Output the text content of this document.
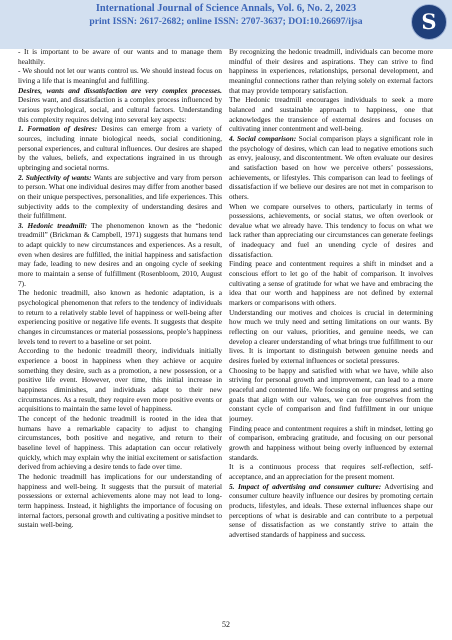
International Journal of Science Annals, Vol. 6, No. 2, 2023
print ISSN: 2617-2682; online ISSN: 2707-3637; DOI:10.26697/ijsa	S

- It is important to be aware of our wants and to manage them healthily.

- We should not let our wants control us. We should instead focus on living a life that is meaningful and fulfilling.

Desires, wants and dissatisfaction are very complex processes. Desires want, and dissatisfaction is a complex process influenced by various psychological, social, and cultural factors. Understanding this complexity requires delving into several key aspects:

1. Formation of desires: Desires can emerge from a variety of sources, including innate biological needs, social conditioning, personal experiences, and cultural influences. Our desires are shaped by the values, beliefs, and expectations ingrained in us through upbringing and societal norms.

2. Subjectivity of wants: Wants are subjective and vary from person to person. What one individual desires may differ from another based on their unique perspectives, personalities, and life experiences. This subjectivity adds to the complexity of understanding desires and their fulfillment.

3. Hedonic treadmill: The phenomenon known as the “hedonic treadmill” (Brickman & Campbell, 1971) suggests that humans tend to adapt quickly to new circumstances and experiences. As a result, even when desires are fulfilled, the initial happiness and satisfaction may fade, leading to new desires and an ongoing cycle of seeking more to maintain a sense of fulfillment (Rosenbloom, 2010, August 7).

The hedonic treadmill, also known as hedonic adaptation, is a psychological phenomenon that refers to the tendency of individuals to return to a relatively stable level of happiness or well-being after experiencing positive or negative life events. It suggests that despite changes in circumstances or material possessions, people’s happiness levels tend to revert to a baseline or set point.

According to the hedonic treadmill theory, individuals initially experience a boost in happiness when they achieve or acquire something they desire, such as a promotion, a new possession, or a positive life event. However, over time, this initial increase in happiness diminishes, and individuals adapt to their new circumstances. As a result, they require even more positive events or acquisitions to maintain the same level of happiness.

The concept of the hedonic treadmill is rooted in the idea that humans have a remarkable capacity to adjust to changing circumstances, both positive and negative, and return to their baseline level of happiness. This adaptation can occur relatively quickly, which may explain why the initial excitement or satisfaction derived from achieving a desire tends to fade over time.

The hedonic treadmill has implications for our understanding of happiness and well-being. It suggests that the pursuit of material possessions or external achievements alone may not lead to long-term happiness. Instead, it highlights the importance of focusing on internal factors, personal growth and cultivating a positive mindset to sustain well-being.

By recognizing the hedonic treadmill, individuals can become more mindful of their desires and aspirations. They can strive to find happiness in experiences, relationships, personal development, and meaningful connections rather than relying solely on external factors that may provide temporary satisfaction.

The Hedonic treadmill encourages individuals to seek a more balanced and sustainable approach to happiness, one that acknowledges the transience of external desires and focuses on cultivating inner contentment and well-being.

4. Social comparison: Social comparison plays a significant role in the psychology of desires, which can lead to negative emotions such as envy, jealousy, and discontentment. We often evaluate our desires and satisfaction based on how we perceive others’ possessions, achievements, or lifestyles. This comparison can lead to feelings of dissatisfaction if we believe our desires are not met in comparison to others.

When we compare ourselves to others, particularly in terms of possessions, achievements, or social status, we often overlook or devalue what we already have. This tendency to focus on what we lack rather than appreciating our circumstances can generate feelings of inadequacy and fuel an unending cycle of desires and dissatisfaction.

Finding peace and contentment requires a shift in mindset and a conscious effort to let go of the habit of comparison. It involves cultivating a sense of gratitude for what we have and embracing the idea that our worth and happiness are not defined by external markers or comparisons with others.

Understanding our motives and choices is crucial in determining how much we truly need and setting limitations on our wants. By reflecting on our values, priorities, and genuine needs, we can develop a clearer understanding of what brings true fulfillment to our lives. It is important to distinguish between genuine needs and desires fueled by external influences or societal pressures.

Choosing to be happy and satisfied with what we have, while also striving for personal growth and improvement, can lead to a more peaceful and contented life. We focusing on our progress and setting goals that align with our values, we can free ourselves from the constant cycle of comparison and find fulfillment in our unique journey.

Finding peace and contentment requires a shift in mindset, letting go of comparison, embracing gratitude, and focusing on our personal growth and happiness without being overly influenced by external standards.

It is a continuous process that requires self-reflection, self-acceptance, and an appreciation for the present moment.

5. Impact of advertising and consumer culture: Advertising and consumer culture heavily influence our desires by promoting certain products, lifestyles, and ideals. These external influences shape our perceptions of what is desirable and can contribute to a perpetual sense of dissatisfaction as we constantly strive to attain the advertised standards of happiness and success.

52
